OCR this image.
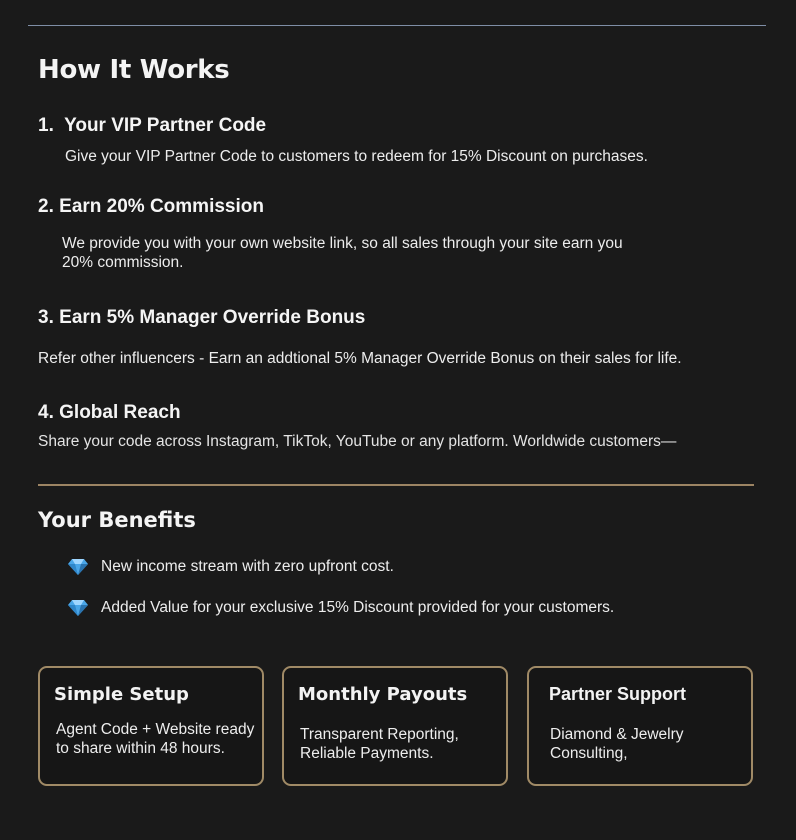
How It Works
1. Your VIP Partner Code

Give your VIP Partner Code to customers to redeem for 15% Discount on purchases.

2. Earn 20% Commission

We provide you with your own website link, so all sales through your site earn you
20% commission.

3. Earn 5% Manager Override Bonus

Refer other influencers - Earn an addtional 5% Manager Override Bonus on their sales for life.

4. Global Reach

Share your code across Instagram, TikTok, YouTube or any platform. Worldwide customers—

Your Benefits
New income stream with zero upfront cost.
Added Value for your exclusive 15% Discount provided for your customers.
Simple Setup

Agent Code + Website ready to share within 48 hours.

Monthly Payouts

Transparent Reporting, Reliable Payments.

Partner Support

Diamond & Jewelry Consulting,
